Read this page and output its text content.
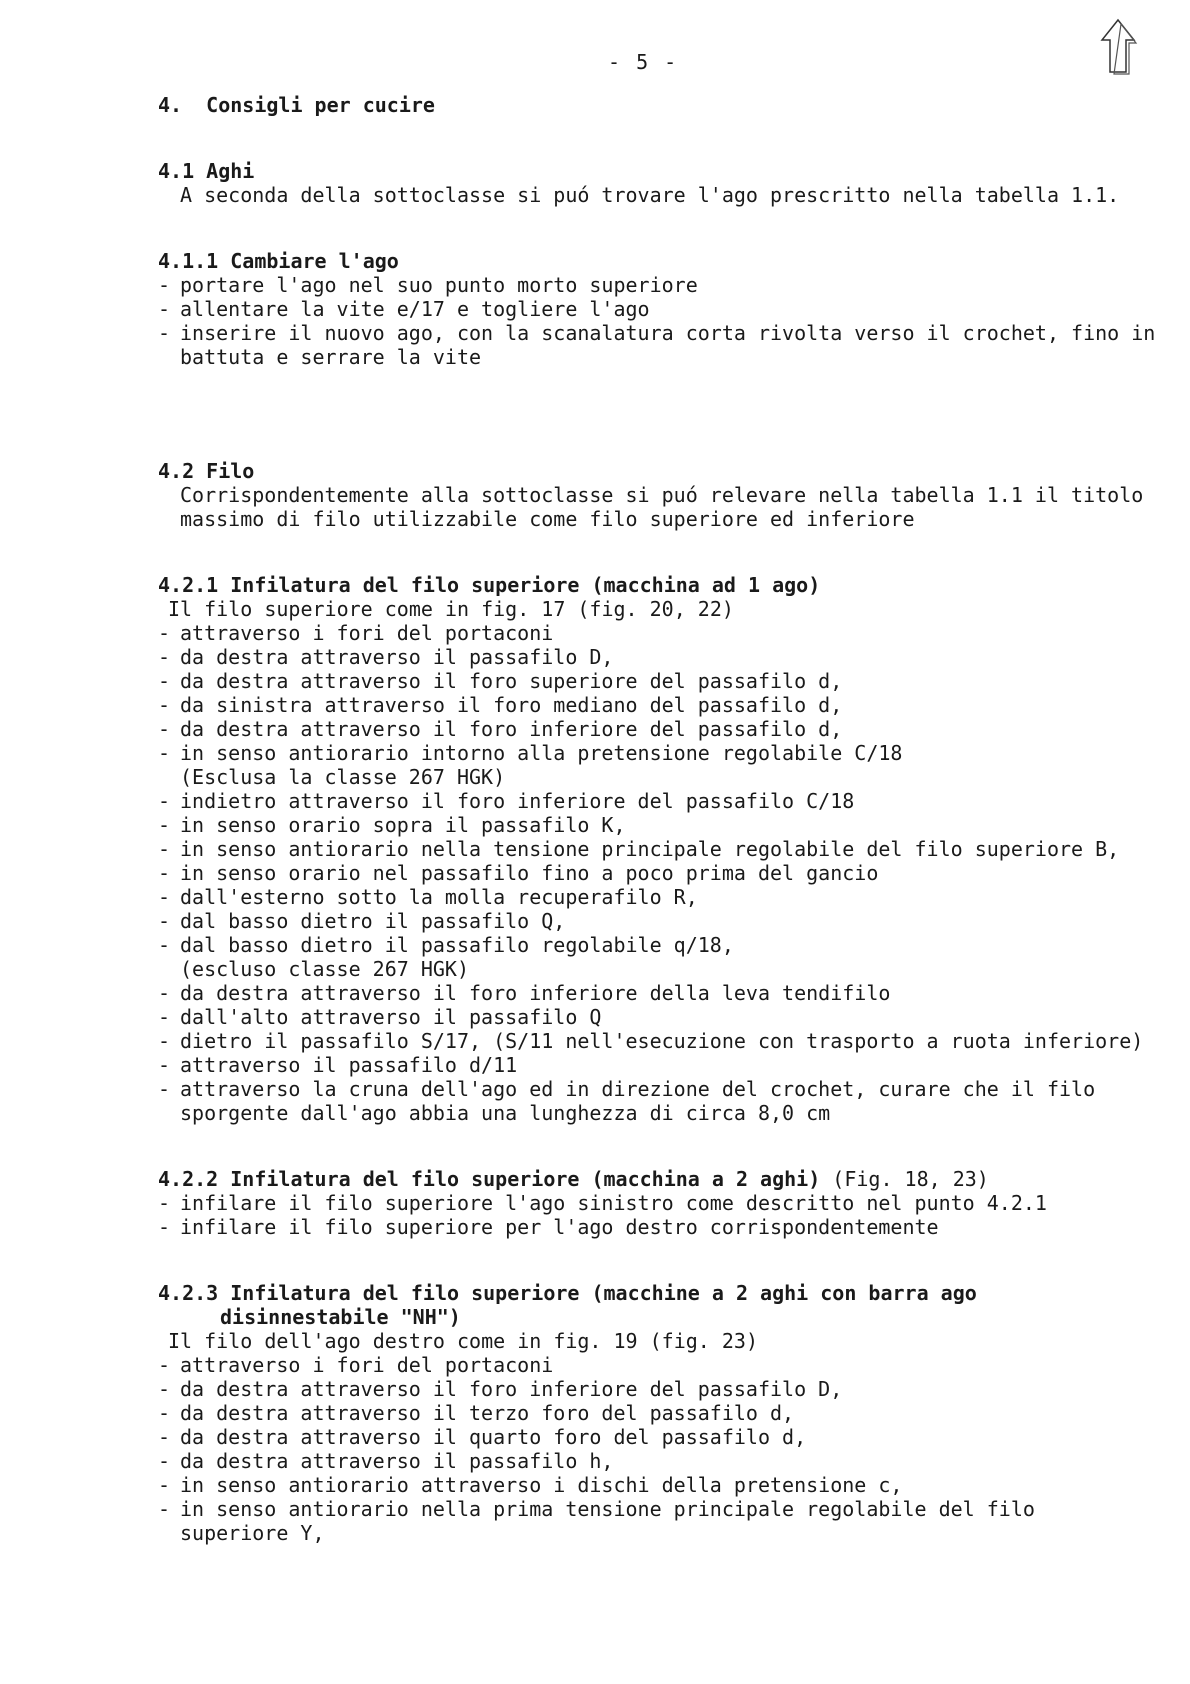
- 5 -
4.  Consigli per cucire
4.1 Aghi
A seconda della sottoclasse si puó trovare l'ago prescritto nella tabella 1.1.
4.1.1 Cambiare l'ago
- portare l'ago nel suo punto morto superiore
- allentare la vite e/17 e togliere l'ago
- inserire il nuovo ago, con la scanalatura corta rivolta verso il crochet, fino in
battuta e serrare la vite
4.2 Filo
Corrispondentemente alla sottoclasse si puó relevare nella tabella 1.1 il titolo
massimo di filo utilizzabile come filo superiore ed inferiore
4.2.1 Infilatura del filo superiore (macchina ad 1 ago)
Il filo superiore come in fig. 17 (fig. 20, 22)
- attraverso i fori del portaconi
- da destra attraverso il passafilo D,
- da destra attraverso il foro superiore del passafilo d,
- da sinistra attraverso il foro mediano del passafilo d,
- da destra attraverso il foro inferiore del passafilo d,
- in senso antiorario intorno alla pretensione regolabile C/18
(Esclusa la classe 267 HGK)
- indietro attraverso il foro inferiore del passafilo C/18
- in senso orario sopra il passafilo K,
- in senso antiorario nella tensione principale regolabile del filo superiore B,
- in senso orario nel passafilo fino a poco prima del gancio
- dall'esterno sotto la molla recuperafilo R,
- dal basso dietro il passafilo Q,
- dal basso dietro il passafilo regolabile q/18,
(escluso classe 267 HGK)
- da destra attraverso il foro inferiore della leva tendifilo
- dall'alto attraverso il passafilo Q
- dietro il passafilo S/17, (S/11 nell'esecuzione con trasporto a ruota inferiore)
- attraverso il passafilo d/11
- attraverso la cruna dell'ago ed in direzione del crochet, curare che il filo
sporgente dall'ago abbia una lunghezza di circa 8,0 cm
4.2.2 Infilatura del filo superiore (macchina a 2 aghi) (Fig. 18, 23)
- infilare il filo superiore l'ago sinistro come descritto nel punto 4.2.1
- infilare il filo superiore per l'ago destro corrispondentemente
4.2.3 Infilatura del filo superiore (macchine a 2 aghi con barra ago
disinnestabile "NH")
Il filo dell'ago destro come in fig. 19 (fig. 23)
- attraverso i fori del portaconi
- da destra attraverso il foro inferiore del passafilo D,
- da destra attraverso il terzo foro del passafilo d,
- da destra attraverso il quarto foro del passafilo d,
- da destra attraverso il passafilo h,
- in senso antiorario attraverso i dischi della pretensione c,
- in senso antiorario nella prima tensione principale regolabile del filo
superiore Y,
